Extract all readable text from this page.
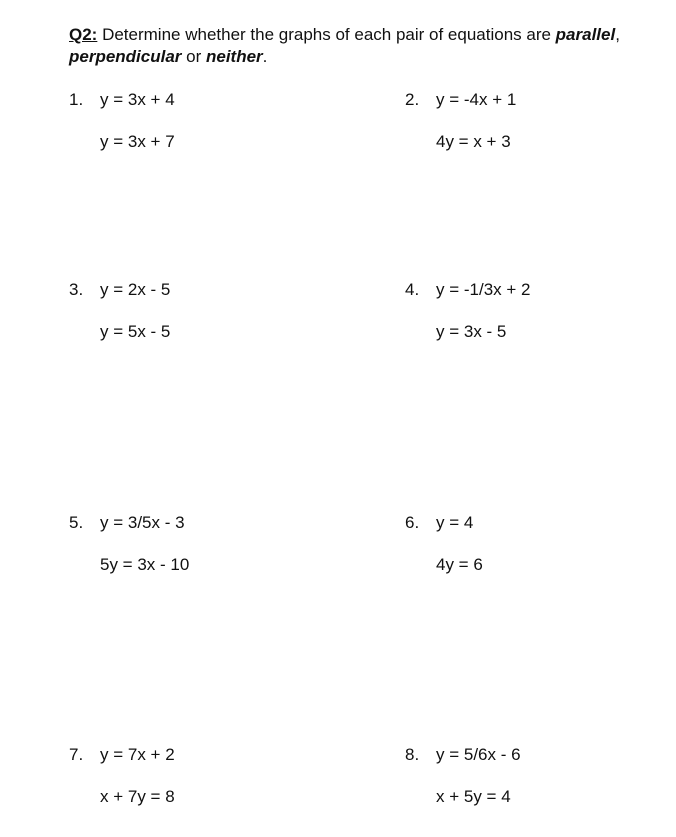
Q2: Determine whether the graphs of each pair of equations are parallel,
perpendicular or neither.
1. y = 3x + 4
y = 3x + 7
2. y = -4x + 1
4y = x + 3
3. y = 2x - 5
y = 5x - 5
4. y = -1/3x + 2
y = 3x - 5
5. y = 3/5x - 3
5y = 3x - 10
6. y = 4
4y = 6
7. y = 7x + 2
x + 7y = 8
8. y = 5/6x - 6
x + 5y = 4
